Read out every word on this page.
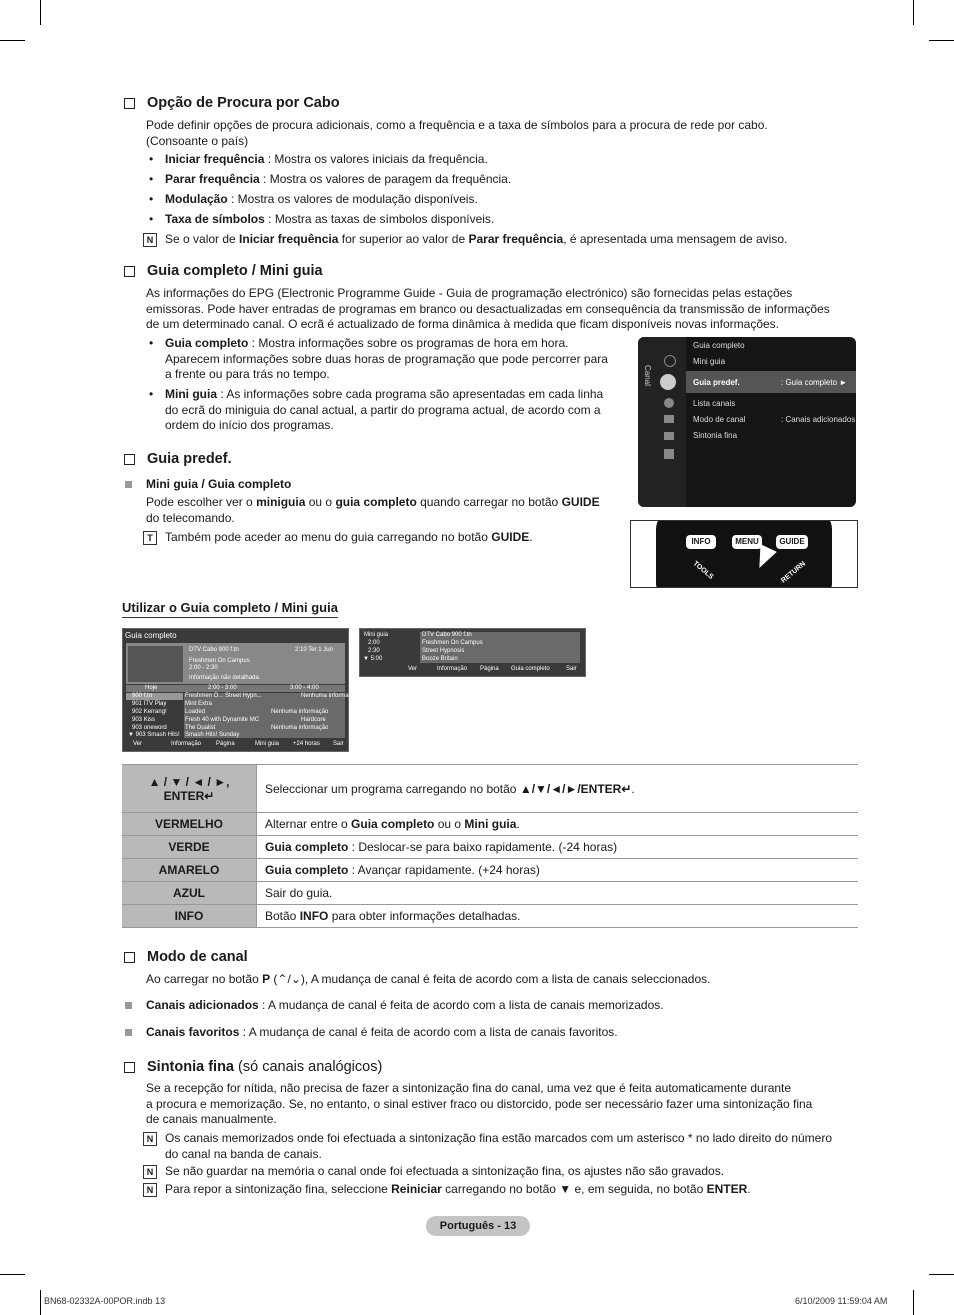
Opção de Procura por Cabo
Pode definir opções de procura adicionais, como a frequência e a taxa de símbolos para a procura de rede por cabo.
(Consoante o país)
• Iniciar frequência : Mostra os valores iniciais da frequência.
• Parar frequência : Mostra os valores de paragem da frequência.
• Modulação : Mostra os valores de modulação disponíveis.
• Taxa de símbolos : Mostra as taxas de símbolos disponíveis.
N Se o valor de Iniciar frequência for superior ao valor de Parar frequência, é apresentada uma mensagem de aviso.
Guia completo / Mini guia
As informações do EPG (Electronic Programme Guide - Guia de programação electrónico) são fornecidas pelas estações
emissoras. Pode haver entradas de programas em branco ou desactualizadas em consequência da transmissão de informações
de um determinado canal. O ecrã é actualizado de forma dinâmica à medida que ficam disponíveis novas informações.
• Guia completo : Mostra informações sobre os programas de hora em hora.
Aparecem informações sobre duas horas de programação que pode percorrer para
a frente ou para trás no tempo.
• Mini guia : As informações sobre cada programa são apresentadas em cada linha
do ecrã do miniguia do canal actual, a partir do programa actual, de acordo com a
ordem do início dos programas.
Canal
Guia completo
Mini guia
Guia predef.	: Guia completo ►
Lista canais
Modo de canal	: Canais adicionados
Sintonia fina
Guia predef.
Mini guia / Guia completo
Pode escolher ver o miniguia ou o guia completo quando carregar no botão GUIDE
do telecomando.
T	Também pode aceder ao menu do guia carregando no botão GUIDE.	INFO	MENU	GUIDE
TOOLS	RETURN
Utilizar o Guia completo / Mini guia
Guia completo
DTV Cabo 900 f.tn	2:10 Ter 1 Jun
Freshmen On Campus
2:00 - 2:30
Informação não detalhada.
Hoje	2:00 - 3:00	3:00 - 4:00
900 f.tn	Freshmen O... Street Hypn...	Nenhuma informação
901 ITV Play	Mint Extra
902 Kerrang!	Loaded	Nenhuma informação
903 Kiss	Fresh 40 with Dynamite MC	Hardcore
903 oneword	The Dualist	Nenhuma informação
▼ 903 Smash Hits! Smash Hits! Sunday
Ver	Informação Página	Mini guia +24 horas Sair
Mini guia	DTV Cabo 900 f.tn
2:00	Freshmen On Campus
2:30	Street Hypnosis
▼ 5:00	Booze Britain
Ver	Informação Página Guia completo	Sair
▲ / ▼ / ◄ / ►, ENTER↵	Seleccionar um programa carregando no botão ▲/▼/◄/►/ENTER↵.
VERMELHO	Alternar entre o Guia completo ou o Mini guia.
VERDE	Guia completo : Deslocar-se para baixo rapidamente. (-24 horas)
AMARELO	Guia completo : Avançar rapidamente. (+24 horas)
AZUL	Sair do guia.
INFO	Botão INFO para obter informações detalhadas.
Modo de canal
Ao carregar no botão P (⌃/⌄), A mudança de canal é feita de acordo com a lista de canais seleccionados.
Canais adicionados : A mudança de canal é feita de acordo com a lista de canais memorizados.
Canais favoritos : A mudança de canal é feita de acordo com a lista de canais favoritos.
Sintonia fina (só canais analógicos)
Se a recepção for nítida, não precisa de fazer a sintonização fina do canal, uma vez que é feita automaticamente durante
a procura e memorização. Se, no entanto, o sinal estiver fraco ou distorcido, pode ser necessário fazer uma sintonização fina
de canais manualmente.
N Os canais memorizados onde foi efectuada a sintonização fina estão marcados com um asterisco * no lado direito do número
do canal na banda de canais.
N Se não guardar na memória o canal onde foi efectuada a sintonização fina, os ajustes não são gravados.
N Para repor a sintonização fina, seleccione Reiniciar carregando no botão ▼ e, em seguida, no botão ENTER.
Português - 13
BN68-02332A-00POR.indb 13	6/10/2009 11:59:04 AM
